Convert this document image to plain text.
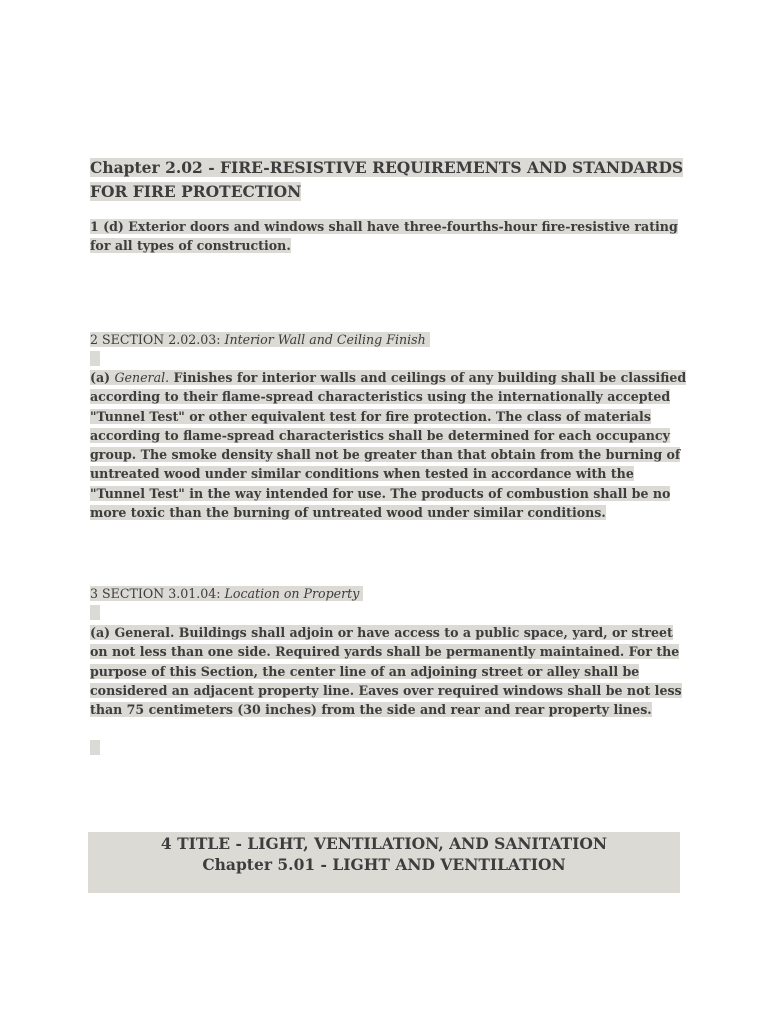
Chapter 2.02 - FIRE-RESISTIVE REQUIREMENTS AND STANDARDS FOR FIRE PROTECTION

1 (d) Exterior doors and windows shall have three-fourths-hour fire-resistive rating for all types of construction.

2 SECTION 2.02.03: Interior Wall and Ceiling Finish

(a) General. Finishes for interior walls and ceilings of any building shall be classified according to their flame-spread characteristics using the internationally accepted "Tunnel Test" or other equivalent test for fire protection. The class of materials according to flame-spread characteristics shall be determined for each occupancy group. The smoke density shall not be greater than that obtain from the burning of untreated wood under similar conditions when tested in accordance with the "Tunnel Test" in the way intended for use. The products of combustion shall be no more toxic than the burning of untreated wood under similar conditions.

3 SECTION 3.01.04: Location on Property

(a) General. Buildings shall adjoin or have access to a public space, yard, or street on not less than one side. Required yards shall be permanently maintained. For the purpose of this Section, the center line of an adjoining street or alley shall be considered an adjacent property line. Eaves over required windows shall be not less than 75 centimeters (30 inches) from the side and rear and rear property lines.

4 TITLE - LIGHT, VENTILATION, AND SANITATION
Chapter 5.01 - LIGHT AND VENTILATION
